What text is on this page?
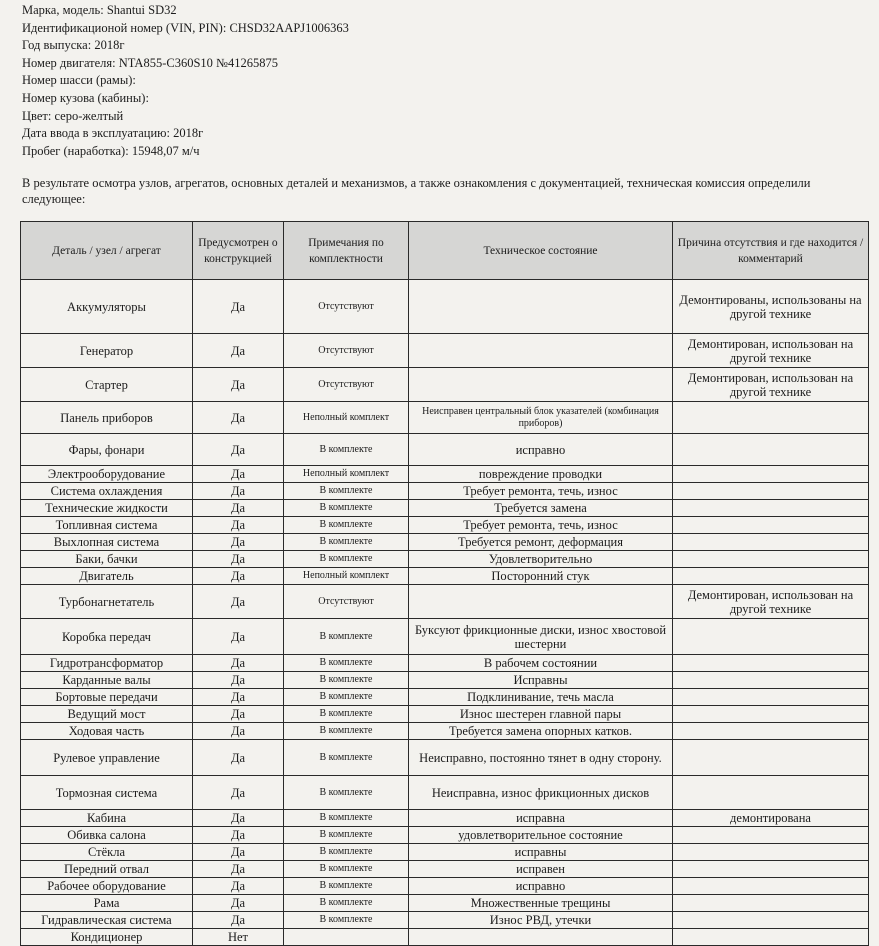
Марка, модель: Shantui SD32
Идентификационой номер (VIN, PIN): CHSD32AAPJ1006363
Год выпуска: 2018г
Номер двигателя: NTA855-C360S10 №41265875
Номер шасси (рамы):
Номер кузова (кабины):
Цвет: серо-желтый
Дата ввода в эксплуатацию: 2018г
Пробег (наработка): 15948,07 м/ч
В результате осмотра узлов, агрегатов, основных деталей и механизмов, а также ознакомления с документацией, техническая комиссия определили следующее:
Деталь / узел / агрегат	Предусмотрен о конструкцией	Примечания по комплектности	Техническое состояние	Причина отсутствия и где находится / комментарий
Аккумуляторы	Да	Отсутствуют		Демонтированы, использованы на другой технике
Генератор	Да	Отсутствуют		Демонтирован, использован на другой технике
Стартер	Да	Отсутствуют		Демонтирован, использован на другой технике
Панель приборов	Да	Неполный комплект	Неисправен центральный блок указателей (комбинация приборов)	
Фары, фонари	Да	В комплекте	исправно	
Электрооборудование	Да	Неполный комплект	повреждение проводки	
Система охлаждения	Да	В комплекте	Требует ремонта, течь, износ	
Технические жидкости	Да	В комплекте	Требуется замена	
Топливная система	Да	В комплекте	Требует ремонта, течь, износ	
Выхлопная система	Да	В комплекте	Требуется ремонт, деформация	
Баки, бачки	Да	В комплекте	Удовлетворительно	
Двигатель	Да	Неполный комплект	Посторонний стук	
Турбонагнетатель	Да	Отсутствуют		Демонтирован, использован на другой технике
Коробка передач	Да	В комплекте	Буксуют фрикционные диски, износ хвостовой шестерни	
Гидротрансформатор	Да	В комплекте	В рабочем состоянии	
Карданные валы	Да	В комплекте	Исправны	
Бортовые передачи	Да	В комплекте	Подклинивание, течь масла	
Ведущий мост	Да	В комплекте	Износ шестерен главной пары	
Ходовая часть	Да	В комплекте	Требуется замена опорных катков.	
Рулевое управление	Да	В комплекте	Неисправно, постоянно тянет в одну сторону.	
Тормозная система	Да	В комплекте	Неисправна, износ фрикционных дисков	
Кабина	Да	В комплекте	исправна	демонтирована
Обивка салона	Да	В комплекте	удовлетворительное состояние	
Стёкла	Да	В комплекте	исправны	
Передний отвал	Да	В комплекте	исправен	
Рабочее оборудование	Да	В комплекте	исправно	
Рама	Да	В комплекте	Множественные трещины	
Гидравлическая система	Да	В комплекте	Износ РВД, утечки	
Кондиционер	Нет			
